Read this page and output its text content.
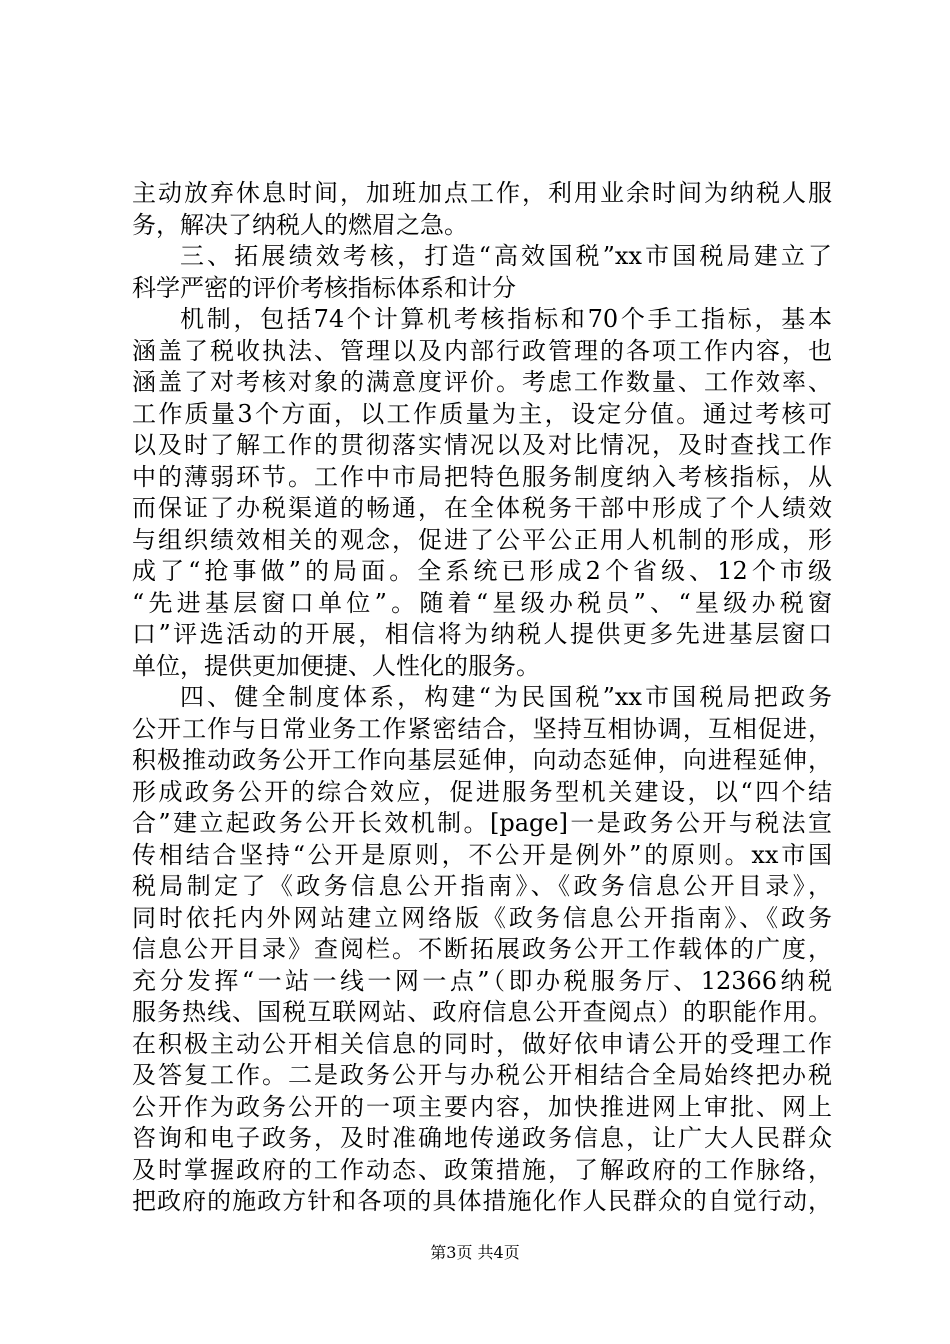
主动放弃休息时间，加班加点工作，利用业余时间为纳税人服
务，解决了纳税人的燃眉之急。
三、拓展绩效考核，打造“高效国税”xx市国税局建立了
科学严密的评价考核指标体系和计分
机制，包括74个计算机考核指标和70个手工指标，基本
涵盖了税收执法、管理以及内部行政管理的各项工作内容，也
涵盖了对考核对象的满意度评价。考虑工作数量、工作效率、
工作质量3个方面，以工作质量为主，设定分值。通过考核可
以及时了解工作的贯彻落实情况以及对比情况，及时查找工作
中的薄弱环节。工作中市局把特色服务制度纳入考核指标，从
而保证了办税渠道的畅通，在全体税务干部中形成了个人绩效
与组织绩效相关的观念，促进了公平公正用人机制的形成，形
成了“抢事做”的局面。全系统已形成2个省级、12个市级
“先进基层窗口单位”。随着“星级办税员”、“星级办税窗
口”评选活动的开展，相信将为纳税人提供更多先进基层窗口
单位，提供更加便捷、人性化的服务。
四、健全制度体系，构建“为民国税”xx市国税局把政务
公开工作与日常业务工作紧密结合，坚持互相协调，互相促进，
积极推动政务公开工作向基层延伸，向动态延伸，向进程延伸，
形成政务公开的综合效应，促进服务型机关建设，以“四个结
合”建立起政务公开长效机制。[page]一是政务公开与税法宣
传相结合坚持“公开是原则，不公开是例外”的原则。xx市国
税局制定了《政务信息公开指南》、《政务信息公开目录》，
同时依托内外网站建立网络版《政务信息公开指南》、《政务
信息公开目录》查阅栏。不断拓展政务公开工作载体的广度，
充分发挥“一站一线一网一点”（即办税服务厅、12366纳税
服务热线、国税互联网站、政府信息公开查阅点）的职能作用。
在积极主动公开相关信息的同时，做好依申请公开的受理工作
及答复工作。二是政务公开与办税公开相结合全局始终把办税
公开作为政务公开的一项主要内容，加快推进网上审批、网上
咨询和电子政务，及时准确地传递政务信息，让广大人民群众
及时掌握政府的工作动态、政策措施，了解政府的工作脉络，
把政府的施政方针和各项的具体措施化作人民群众的自觉行动，
第3页 共4页
